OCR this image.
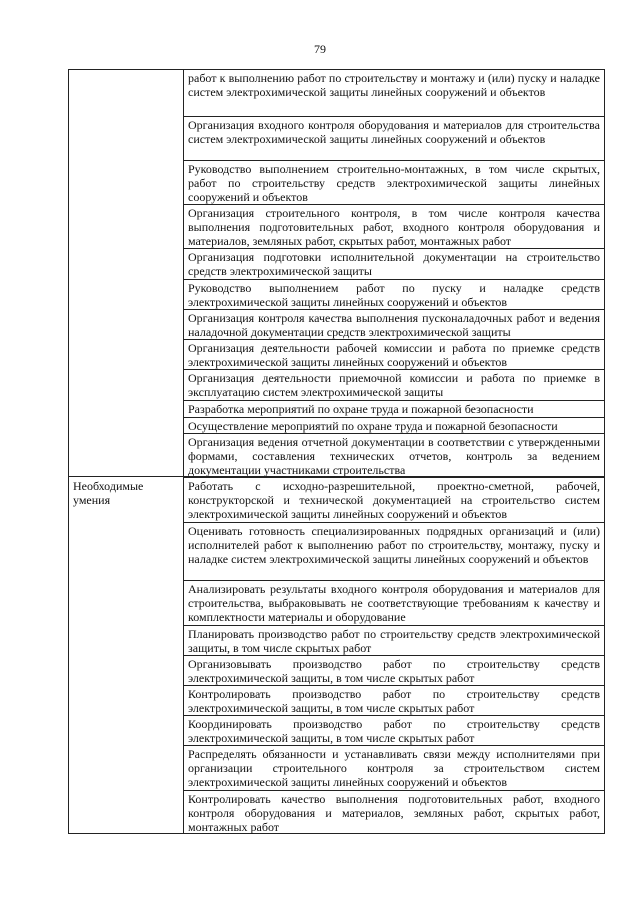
79
работ к выполнению работ по строительству и монтажу и (или) пуску и наладке систем электрохимической защиты линейных сооружений и объектов
Организация входного контроля оборудования и материалов для строительства систем электрохимической защиты линейных сооружений и объектов
Руководство выполнением строительно-монтажных, в том числе скрытых, работ по строительству средств электрохимической защиты линейных сооружений и объектов
Организация строительного контроля, в том числе контроля качества выполнения подготовительных работ, входного контроля оборудования и материалов, земляных работ, скрытых работ, монтажных работ
Организация подготовки исполнительной документации на строительство средств электрохимической защиты
Руководство выполнением работ по пуску и наладке средств электрохимической защиты линейных сооружений и объектов
Организация контроля качества выполнения пусконаладочных работ и ведения наладочной документации средств электрохимической защиты
Организация деятельности рабочей комиссии и работа по приемке средств электрохимической защиты линейных сооружений и объектов
Организация деятельности приемочной комиссии и работа по приемке в эксплуатацию систем электрохимической защиты
Разработка мероприятий по охране труда и пожарной безопасности
Осуществление мероприятий по охране труда и пожарной безопасности
Организация ведения отчетной документации в соответствии с утвержденными формами, составления технических отчетов, контроль за ведением документации участниками строительства
Необходимые умения
Работать с исходно-разрешительной, проектно-сметной, рабочей, конструкторской и технической документацией на строительство систем электрохимической защиты линейных сооружений и объектов
Оценивать готовность специализированных подрядных организаций и (или) исполнителей работ к выполнению работ по строительству, монтажу, пуску и наладке систем электрохимической защиты линейных сооружений и объектов
Анализировать результаты входного контроля оборудования и материалов для строительства, выбраковывать не соответствующие требованиям к качеству и комплектности материалы и оборудование
Планировать производство работ по строительству средств электрохимической защиты, в том числе скрытых работ
Организовывать производство работ по строительству средств электрохимической защиты, в том числе скрытых работ
Контролировать производство работ по строительству средств электрохимической защиты, в том числе скрытых работ
Координировать производство работ по строительству средств электрохимической защиты, в том числе скрытых работ
Распределять обязанности и устанавливать связи между исполнителями при организации строительного контроля за строительством систем электрохимической защиты линейных сооружений и объектов
Контролировать качество выполнения подготовительных работ, входного контроля оборудования и материалов, земляных работ, скрытых работ, монтажных работ
